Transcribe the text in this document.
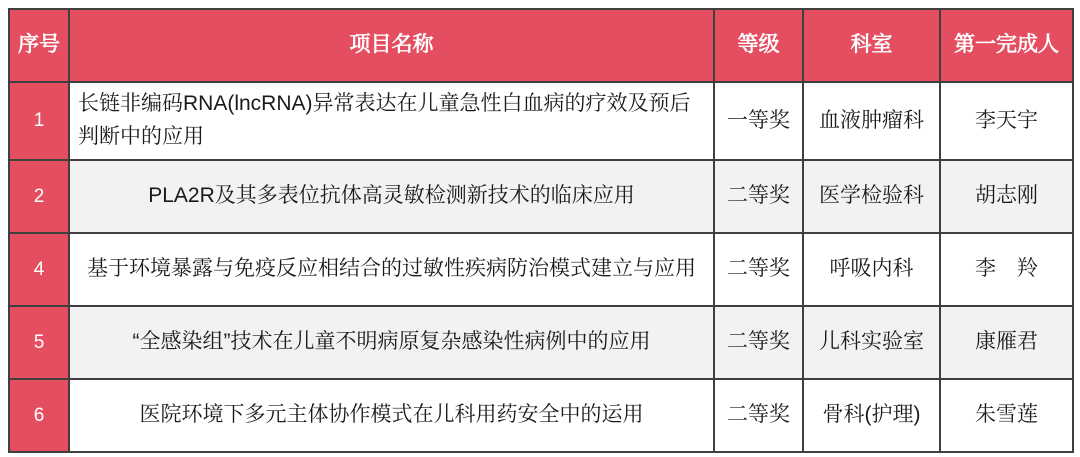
序号	项目名称	等级	科室	第一完成人
1	长链非编码RNA(lncRNA)异常表达在儿童急性白血病的疗效及预后判断中的应用	一等奖	血液肿瘤科	李天宇
2	PLA2R及其多表位抗体高灵敏检测新技术的临床应用	二等奖	医学检验科	胡志刚
4	基于环境暴露与免疫反应相结合的过敏性疾病防治模式建立与应用	二等奖	呼吸内科	李　羚
5	“全感染组”技术在儿童不明病原复杂感染性病例中的应用	二等奖	儿科实验室	康雁君
6	医院环境下多元主体协作模式在儿科用药安全中的运用	二等奖	骨科(护理)	朱雪莲
